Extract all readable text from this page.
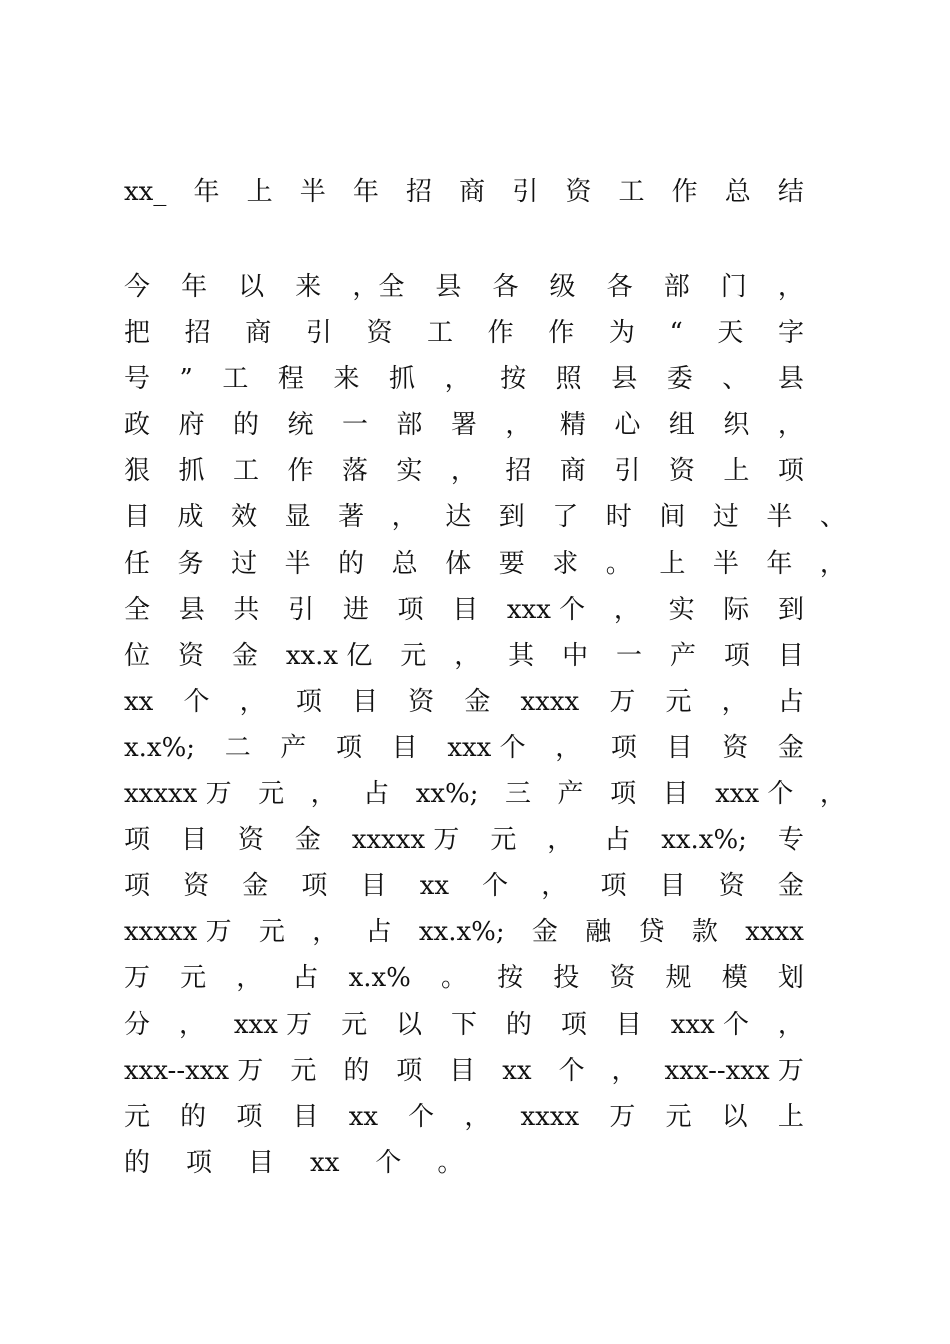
xx_ 年 上 半 年 招 商 引 资 工 作 总 结
今 年 以 来 ，全 县 各 级 各 部 门 ，
把 招 商 引 资 工 作 作 为 “ 天 字
号 ” 工 程 来 抓 ， 按 照 县 委 、 县
政 府 的 统 一 部 署 ， 精 心 组 织 ，
狠 抓 工 作 落 实 ， 招 商 引 资 上 项
目 成 效 显 著 ， 达 到 了 时 间 过 半 、
任 务 过 半 的 总 体 要 求 。 上 半 年 ，
全 县 共 引 进 项 目 xxx 个 ， 实 际 到
位 资 金 xx.x 亿 元 ， 其 中 一 产 项 目
xx 个 ， 项 目 资 金 xxxx 万 元 ， 占
x.x%; 二 产 项 目 xxx 个 ， 项 目 资 金
xxxxx 万 元 ， 占 xx%; 三 产 项 目 xxx 个 ，
项 目 资 金 xxxxx 万 元 ， 占 xx.x%; 专
项 资 金 项 目 xx 个 ， 项 目 资 金
xxxxx 万 元 ， 占 xx.x%; 金 融 贷 款 xxxx
万 元 ， 占 x.x% 。 按 投 资 规 模 划
分 ， xxx 万 元 以 下 的 项 目 xxx 个 ，
xxx--xxx 万 元 的 项 目 xx 个 ， xxx--xxx 万
元 的 项 目 xx 个 ， xxxx 万 元 以 上
的 项 目 xx 个 。
